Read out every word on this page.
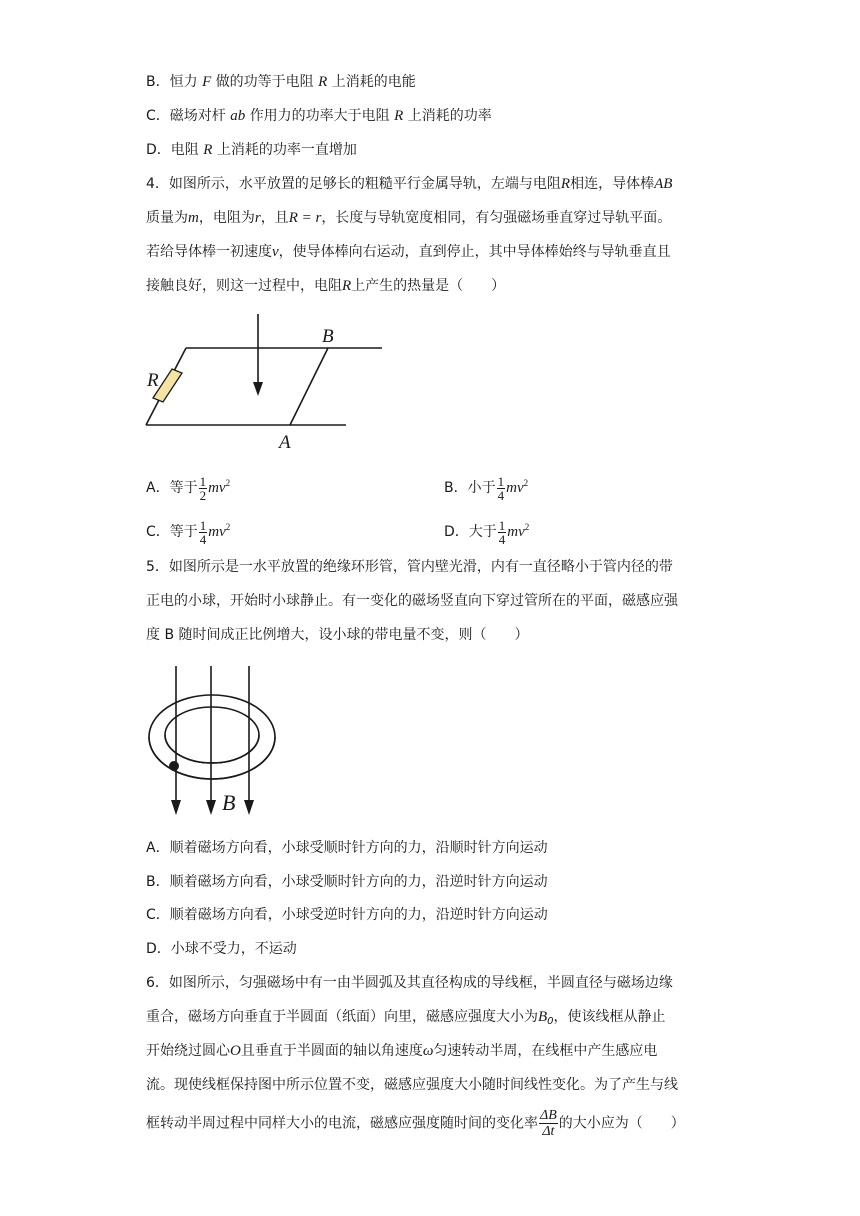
B．恒力 F 做的功等于电阻 R 上消耗的电能
C．磁场对杆 ab 作用力的功率大于电阻 R 上消耗的功率
D．电阻 R 上消耗的功率一直增加
4．如图所示，水平放置的足够长的粗糙平行金属导轨，左端与电阻R相连，导体棒AB
质量为m，电阻为r，且R = r，长度与导轨宽度相同，有匀强磁场垂直穿过导轨平面。
若给导体棒一初速度v，使导体棒向右运动，直到停止，其中导体棒始终与导轨垂直且
接触良好，则这一过程中，电阻R上产生的热量是（　　）
R
B
A
A．等于 $\frac{1}{2} mv^2$	B．小于 $\frac{1}{4} mv^2$
C．等于 $\frac{1}{4} mv^2$	D．大于 $\frac{1}{4} mv^2$
5．如图所示是一水平放置的绝缘环形管，管内壁光滑，内有一直径略小于管内径的带
正电的小球，开始时小球静止。有一变化的磁场竖直向下穿过管所在的平面，磁感应强
度 B 随时间成正比例增大，设小球的带电量不变，则（　　）
B
A．顺着磁场方向看，小球受顺时针方向的力，沿顺时针方向运动
B．顺着磁场方向看，小球受顺时针方向的力，沿逆时针方向运动
C．顺着磁场方向看，小球受逆时针方向的力，沿逆时针方向运动
D．小球不受力，不运动
6．如图所示，匀强磁场中有一由半圆弧及其直径构成的导线框，半圆直径与磁场边缘
重合，磁场方向垂直于半圆面（纸面）向里，磁感应强度大小为$B_0$，使该线框从静止
开始绕过圆心O且垂直于半圆面的轴以角速度ω匀速转动半周，在线框中产生感应电
流。现使线框保持图中所示位置不变，磁感应强度大小随时间线性变化。为了产生与线
框转动半周过程中同样大小的电流，磁感应强度随时间的变化率 $\frac{\Delta B}{\Delta t}$ 的大小应为（　　）
